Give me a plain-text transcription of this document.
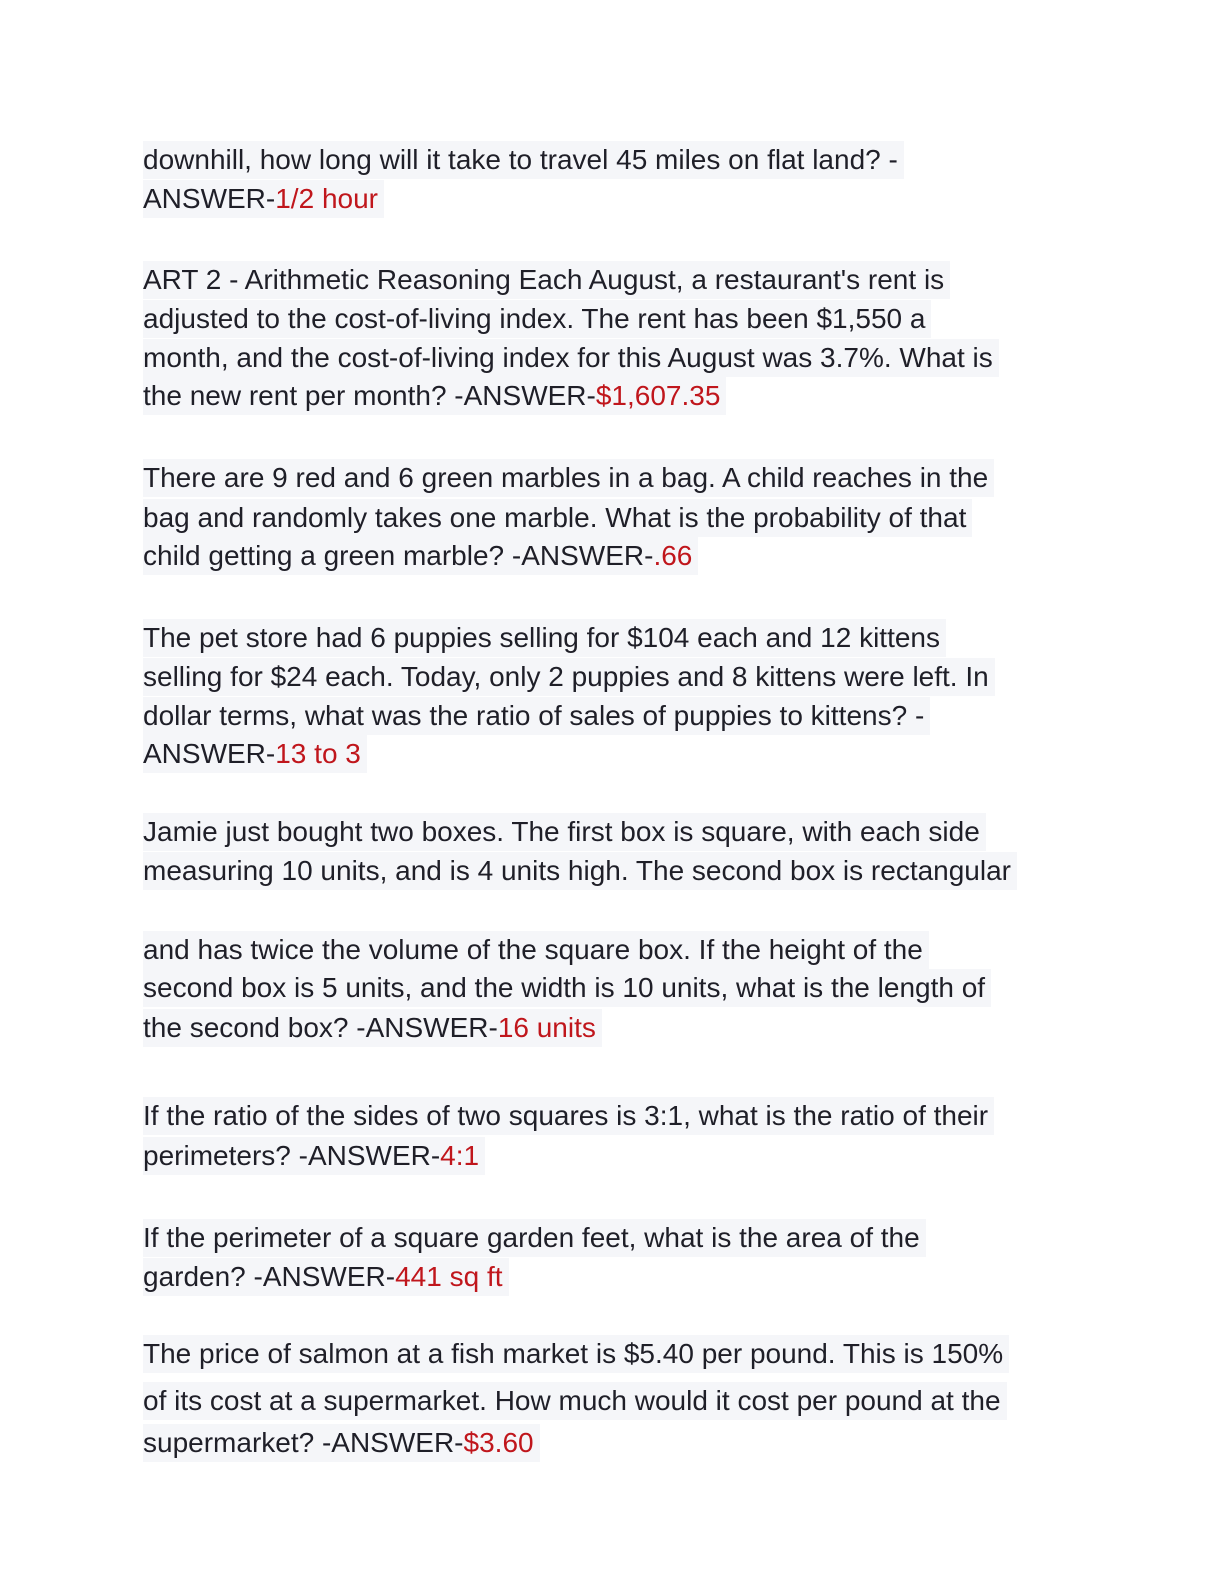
downhill, how long will it take to travel 45 miles on flat land? -
ANSWER-1/2 hour
ART 2 - Arithmetic Reasoning Each August, a restaurant's rent is
adjusted to the cost-of-living index. The rent has been $1,550 a
month, and the cost-of-living index for this August was 3.7%. What is
the new rent per month? -ANSWER-$1,607.35
There are 9 red and 6 green marbles in a bag. A child reaches in the
bag and randomly takes one marble. What is the probability of that
child getting a green marble? -ANSWER-.66
The pet store had 6 puppies selling for $104 each and 12 kittens
selling for $24 each. Today, only 2 puppies and 8 kittens were left. In
dollar terms, what was the ratio of sales of puppies to kittens? -
ANSWER-13 to 3
Jamie just bought two boxes. The first box is square, with each side
measuring 10 units, and is 4 units high. The second box is rectangular
and has twice the volume of the square box. If the height of the
second box is 5 units, and the width is 10 units, what is the length of
the second box? -ANSWER-16 units
If the ratio of the sides of two squares is 3:1, what is the ratio of their
perimeters? -ANSWER-4:1
If the perimeter of a square garden feet, what is the area of the
garden? -ANSWER-441 sq ft
The price of salmon at a fish market is $5.40 per pound. This is 150%
of its cost at a supermarket. How much would it cost per pound at the
supermarket? -ANSWER-$3.60
